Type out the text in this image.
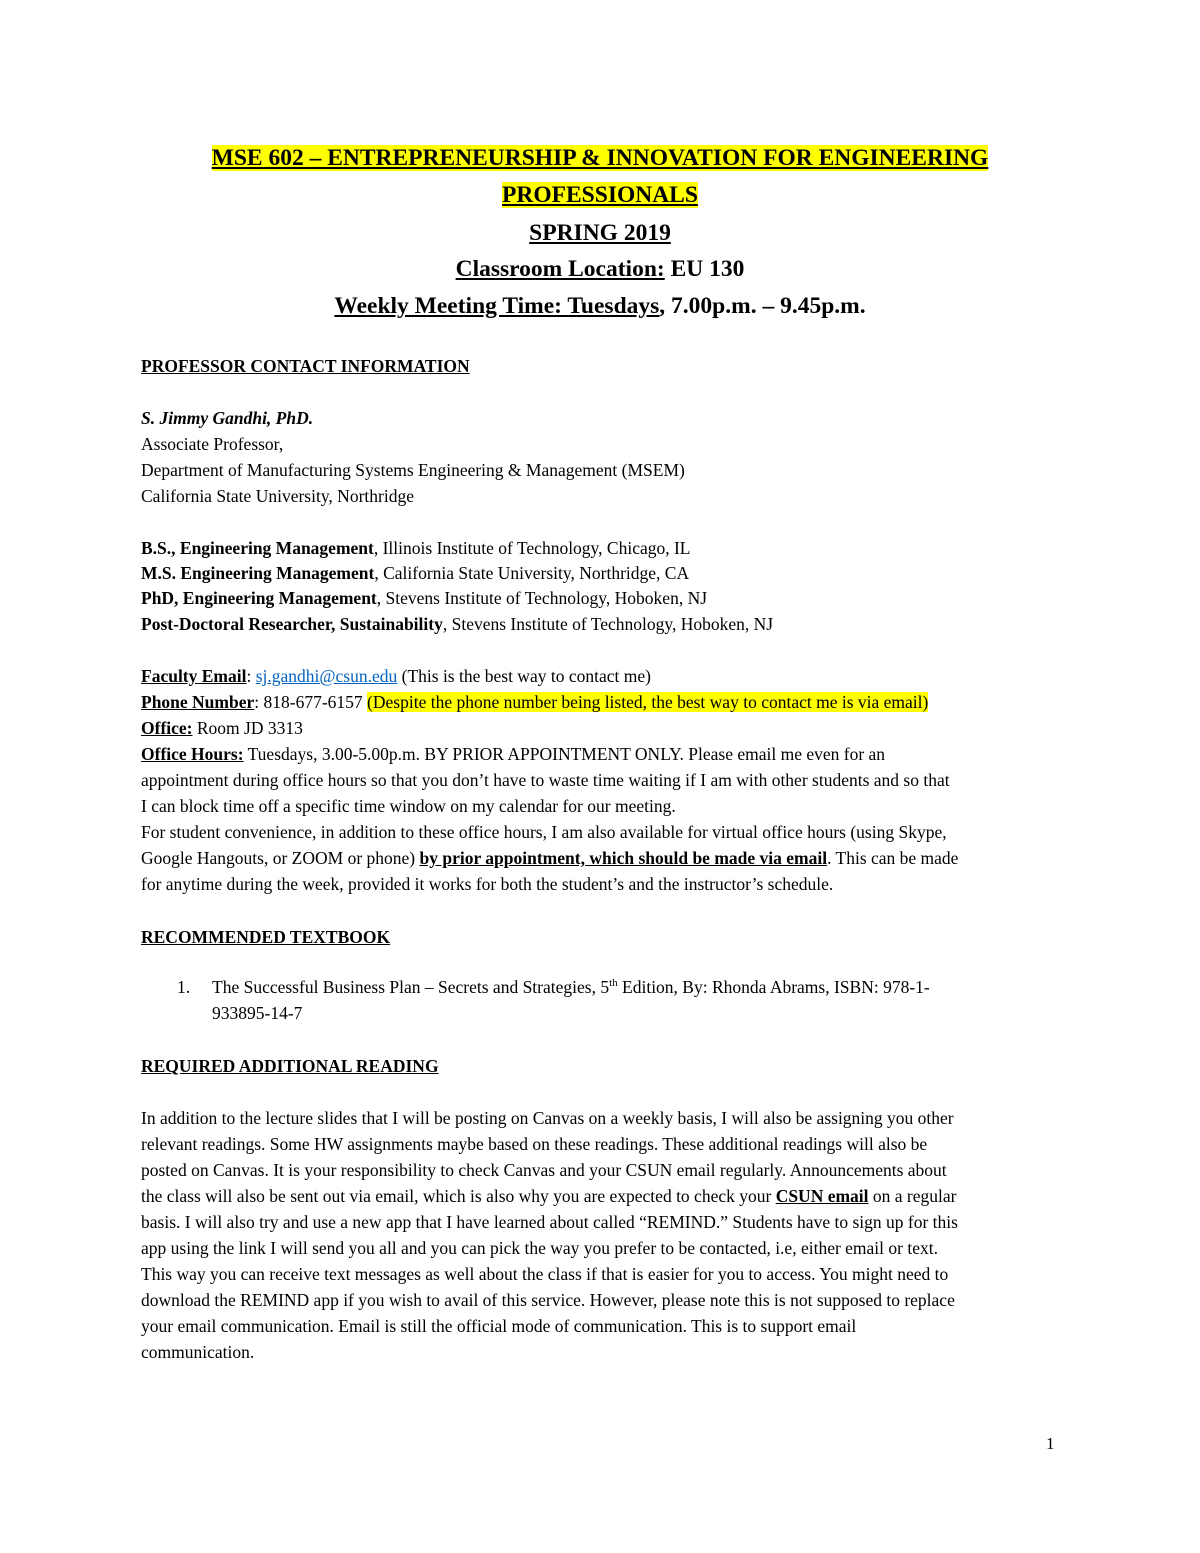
MSE 602 – ENTREPRENEURSHIP & INNOVATION FOR ENGINEERING
PROFESSIONALS
SPRING 2019
Classroom Location: EU 130
Weekly Meeting Time: Tuesdays, 7.00p.m. – 9.45p.m.
PROFESSOR CONTACT INFORMATION
S. Jimmy Gandhi, PhD.
Associate Professor,
Department of Manufacturing Systems Engineering & Management (MSEM)
California State University, Northridge
B.S., Engineering Management, Illinois Institute of Technology, Chicago, IL
M.S. Engineering Management, California State University, Northridge, CA
PhD, Engineering Management, Stevens Institute of Technology, Hoboken, NJ
Post-Doctoral Researcher, Sustainability, Stevens Institute of Technology, Hoboken, NJ
Faculty Email: sj.gandhi@csun.edu (This is the best way to contact me)
Phone Number: 818-677-6157 (Despite the phone number being listed, the best way to contact me is via email)
Office: Room JD 3313
Office Hours: Tuesdays, 3.00-5.00p.m. BY PRIOR APPOINTMENT ONLY. Please email me even for an
appointment during office hours so that you don’t have to waste time waiting if I am with other students and so that
I can block time off a specific time window on my calendar for our meeting.
For student convenience, in addition to these office hours, I am also available for virtual office hours (using Skype,
Google Hangouts, or ZOOM or phone) by prior appointment, which should be made via email. This can be made
for anytime during the week, provided it works for both the student’s and the instructor’s schedule.
RECOMMENDED TEXTBOOK
1. The Successful Business Plan – Secrets and Strategies, 5th Edition, By: Rhonda Abrams, ISBN: 978-1-
933895-14-7
REQUIRED ADDITIONAL READING
In addition to the lecture slides that I will be posting on Canvas on a weekly basis, I will also be assigning you other
relevant readings. Some HW assignments maybe based on these readings. These additional readings will also be
posted on Canvas. It is your responsibility to check Canvas and your CSUN email regularly. Announcements about
the class will also be sent out via email, which is also why you are expected to check your CSUN email on a regular
basis. I will also try and use a new app that I have learned about called “REMIND.” Students have to sign up for this
app using the link I will send you all and you can pick the way you prefer to be contacted, i.e, either email or text.
This way you can receive text messages as well about the class if that is easier for you to access. You might need to
download the REMIND app if you wish to avail of this service. However, please note this is not supposed to replace
your email communication. Email is still the official mode of communication. This is to support email
communication.
1
